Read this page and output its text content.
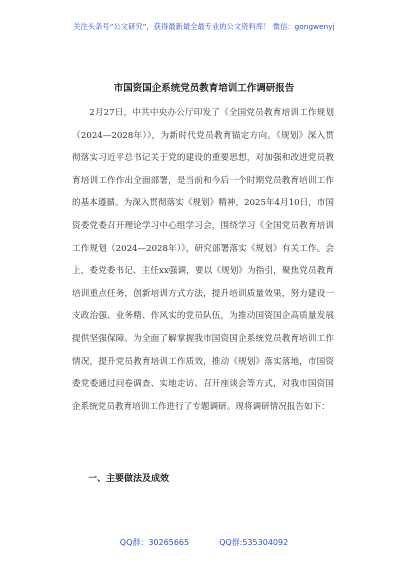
关注头条号“公文研究”，获得最新最全最专业的公文资料库！ 微信：gongwenyj
市国资国企系统党员教育培训工作调研报告

2月27日，中共中央办公厅印发了《全国党员教育培训工作规划（2024—2028年）》，为新时代党员教育锚定方向。《规划》深入贯彻落实习近平总书记关于党的建设的重要思想，对加强和改进党员教育培训工作作出全面部署，是当前和今后一个时期党员教育培训工作的基本遵循。为深入贯彻落实《规划》精神，2025年4月10日，市国资委党委召开理论学习中心组学习会，围绕学习《全国党员教育培训工作规划（2024—2028年）》，研究部署落实《规划》有关工作。会上，委党委书记、主任xx强调，要以《规划》为指引，聚焦党员教育培训重点任务，创新培训方式方法，提升培训质量效果，努力建设一支政治强、业务精、作风实的党员队伍，为推动国资国企高质量发展提供坚强保障。为全面了解掌握我市国资国企系统党员教育培训工作情况，提升党员教育培训工作质效，推动《规划》落实落地，市国资委党委通过问卷调查、实地走访、召开座谈会等方式，对我市国资国企系统党员教育培训工作进行了专题调研。现将调研情况报告如下：

一、主要做法及成效
QQ群：30265665	QQ群:535304092
